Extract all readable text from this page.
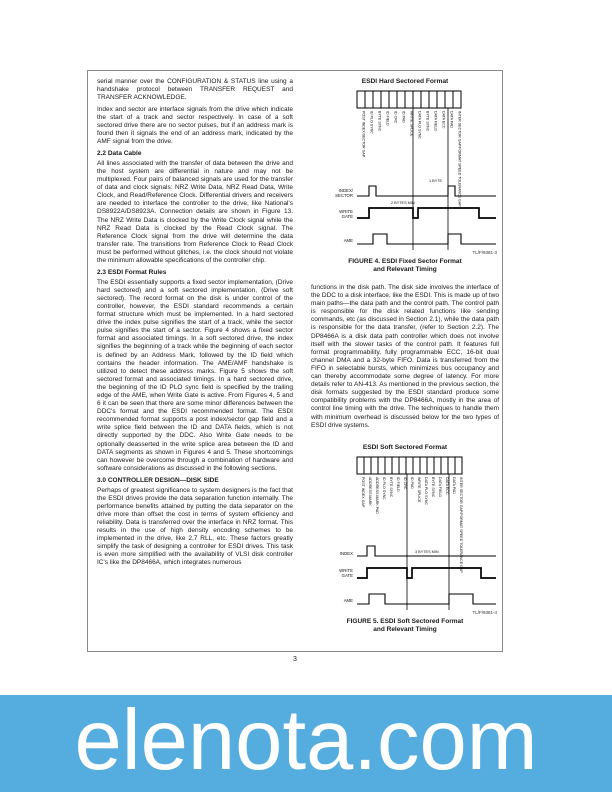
serial manner over the CONFIGURATION & STATUS line using a handshake protocol between TRANSFER REQUEST and TRANSFER ACKNOWLEDGE.

Index and sector are interface signals from the drive which indicate the start of a track and sector respectively. In case of a soft sectored drive there are no sector pulses, but if an address mark is found then it signals the end of an address mark, indicated by the AMF signal from the drive.

2.2 Data Cable

All lines associated with the transfer of data between the drive and the host system are differential in nature and may not be multiplexed. Four pairs of balanced signals are used for the transfer of data and clock signals: NRZ Write Data, NRZ Read Data, Write Clock, and Read/Reference Clock. Differential drivers and receivers are needed to interface the controller to the drive, like National's DS8922A/DS8923A. Connection details are shown in Figure 13. The NRZ Write Data is clocked by the Write Clock signal while the NRZ Read Data is clocked by the Read Clock signal. The Reference Clock signal from the drive will determine the data transfer rate. The transitions from Reference Clock to Read Clock must be performed without glitches, i.e. the clock should not violate the minimum allowable specifications of the controller chip.

2.3 ESDI Format Rules

The ESDI essentially supports a fixed sector implementation, (Drive hard sectored) and a soft sectored implementation, (Drive soft sectored). The record format on the disk is under control of the controller, however, the ESDI standard recommends a certain format structure which must be implemented. In a hard sectored drive the index pulse signifies the start of a track, while the sector pulse signifies the start of a sector. Figure 4 shows a fixed sector format and associated timings. In a soft sectored drive, the index signifies the beginning of a track while the beginning of each sector is defined by an Address Mark, followed by the ID field which contains the header information. The AME/AMF handshake is utilized to detect these address marks. Figure 5 shows the soft sectored format and associated timings. In a hard sectored drive, the beginning of the ID PLO sync field is specified by the trailing edge of the AME, when Write Gate is active. From Figures 4, 5 and 6 it can be seen that there are some minor differences between the DDC's format and the ESDI recommended format. The ESDI recommended format supports a post index/sector gap field and a write splice field between the ID and DATA fields, which is not directly supported by the DDC. Also Write Gate needs to be optionally deasserted in the write splice area between the ID and DATA segments as shown in Figures 4 and 5. These shortcomings can however be overcome through a combination of hardware and software considerations as discussed in the following sections.

3.0 CONTROLLER DESIGN—DISK SIDE

Perhaps of greatest significance to system designers is the fact that the ESDI drives provide the data separation function internally. The performance benefits attained by putting the data separator on the drive more than offset the cost in terms of system efficiency and reliability. Data is transferred over the interface in NRZ format. This results in the use of high density encoding schemes to be implemented in the drive, like 2,7 RLL, etc. These factors greatly simplify the task of designing a controller for ESDI drives. This task is even more simplified with the availability of VLSI disk controller IC's like the DP8466A, which integrates numerous

ESDI Hard Sectored Format
POST INDEX/SECTOR GAP ID PLO SYNC BYTE SYNC ID FIELD ID CRC ID PAD WRITE SPLICE DATA PLO SYNC BYTE SYNC DATA FIELD DATA ECC DATA PAD INTER SECTOR GAP/FORMAT SPEED TOLERANCE GAP
INDEX/
SECTOR
WRITE
GATE
AME
2 BYTES MIN
1 BYTE
TL/F/9381-3
FIGURE 4. ESDI Fixed Sector Format
and Relevant Timing

functions in the disk path. The disk side involves the interface of the DDC to a disk interface, like the ESDI. This is made up of two main paths—the data path and the control path. The control path is responsible for the disk related functions like sending commands, etc (as discussed in Section 2.1), while the data path is responsible for the data transfer, (refer to Section 2.2). The DP8466A is a disk data path controller which does not involve itself with the slower tasks of the control path. It features full format programmability, fully programmable ECC, 16-bit dual channel DMA and a 32-byte FIFO. Data is transferred from the FIFO in selectable bursts, which minimizes bus occupancy and can thereby accommodate some degree of latency. For more details refer to AN-413. As mentioned in the previous section, the disk formats suggested by the ESDI standard produce some compatibility problems with the DP8466A, mostly in the area of control line timing with the drive. The techniques to handle them with minimum overhead is discussed below for the two types of ESDI drive systems.

ESDI Soft Sectored Format
POST INDEX GAP ADDRESS MARK ADDRESS MARK PAD ID PLO SYNC BYTE SYNC ID FIELD ID CRC ID PAD WRITE SPLICE DATA PLO SYNC BYTE SYNC DATA FIELD DATA ECC DATA PAD INTER SECTOR GAP/FORMAT SPEED TOLERANCE GAP
INDEX
WRITE
GATE
AME
3 BYTES MIN
TL/F/9381-4
FIGURE 5. ESDI Soft Sectored Format
and Relevant Timing
3
elenota.com
